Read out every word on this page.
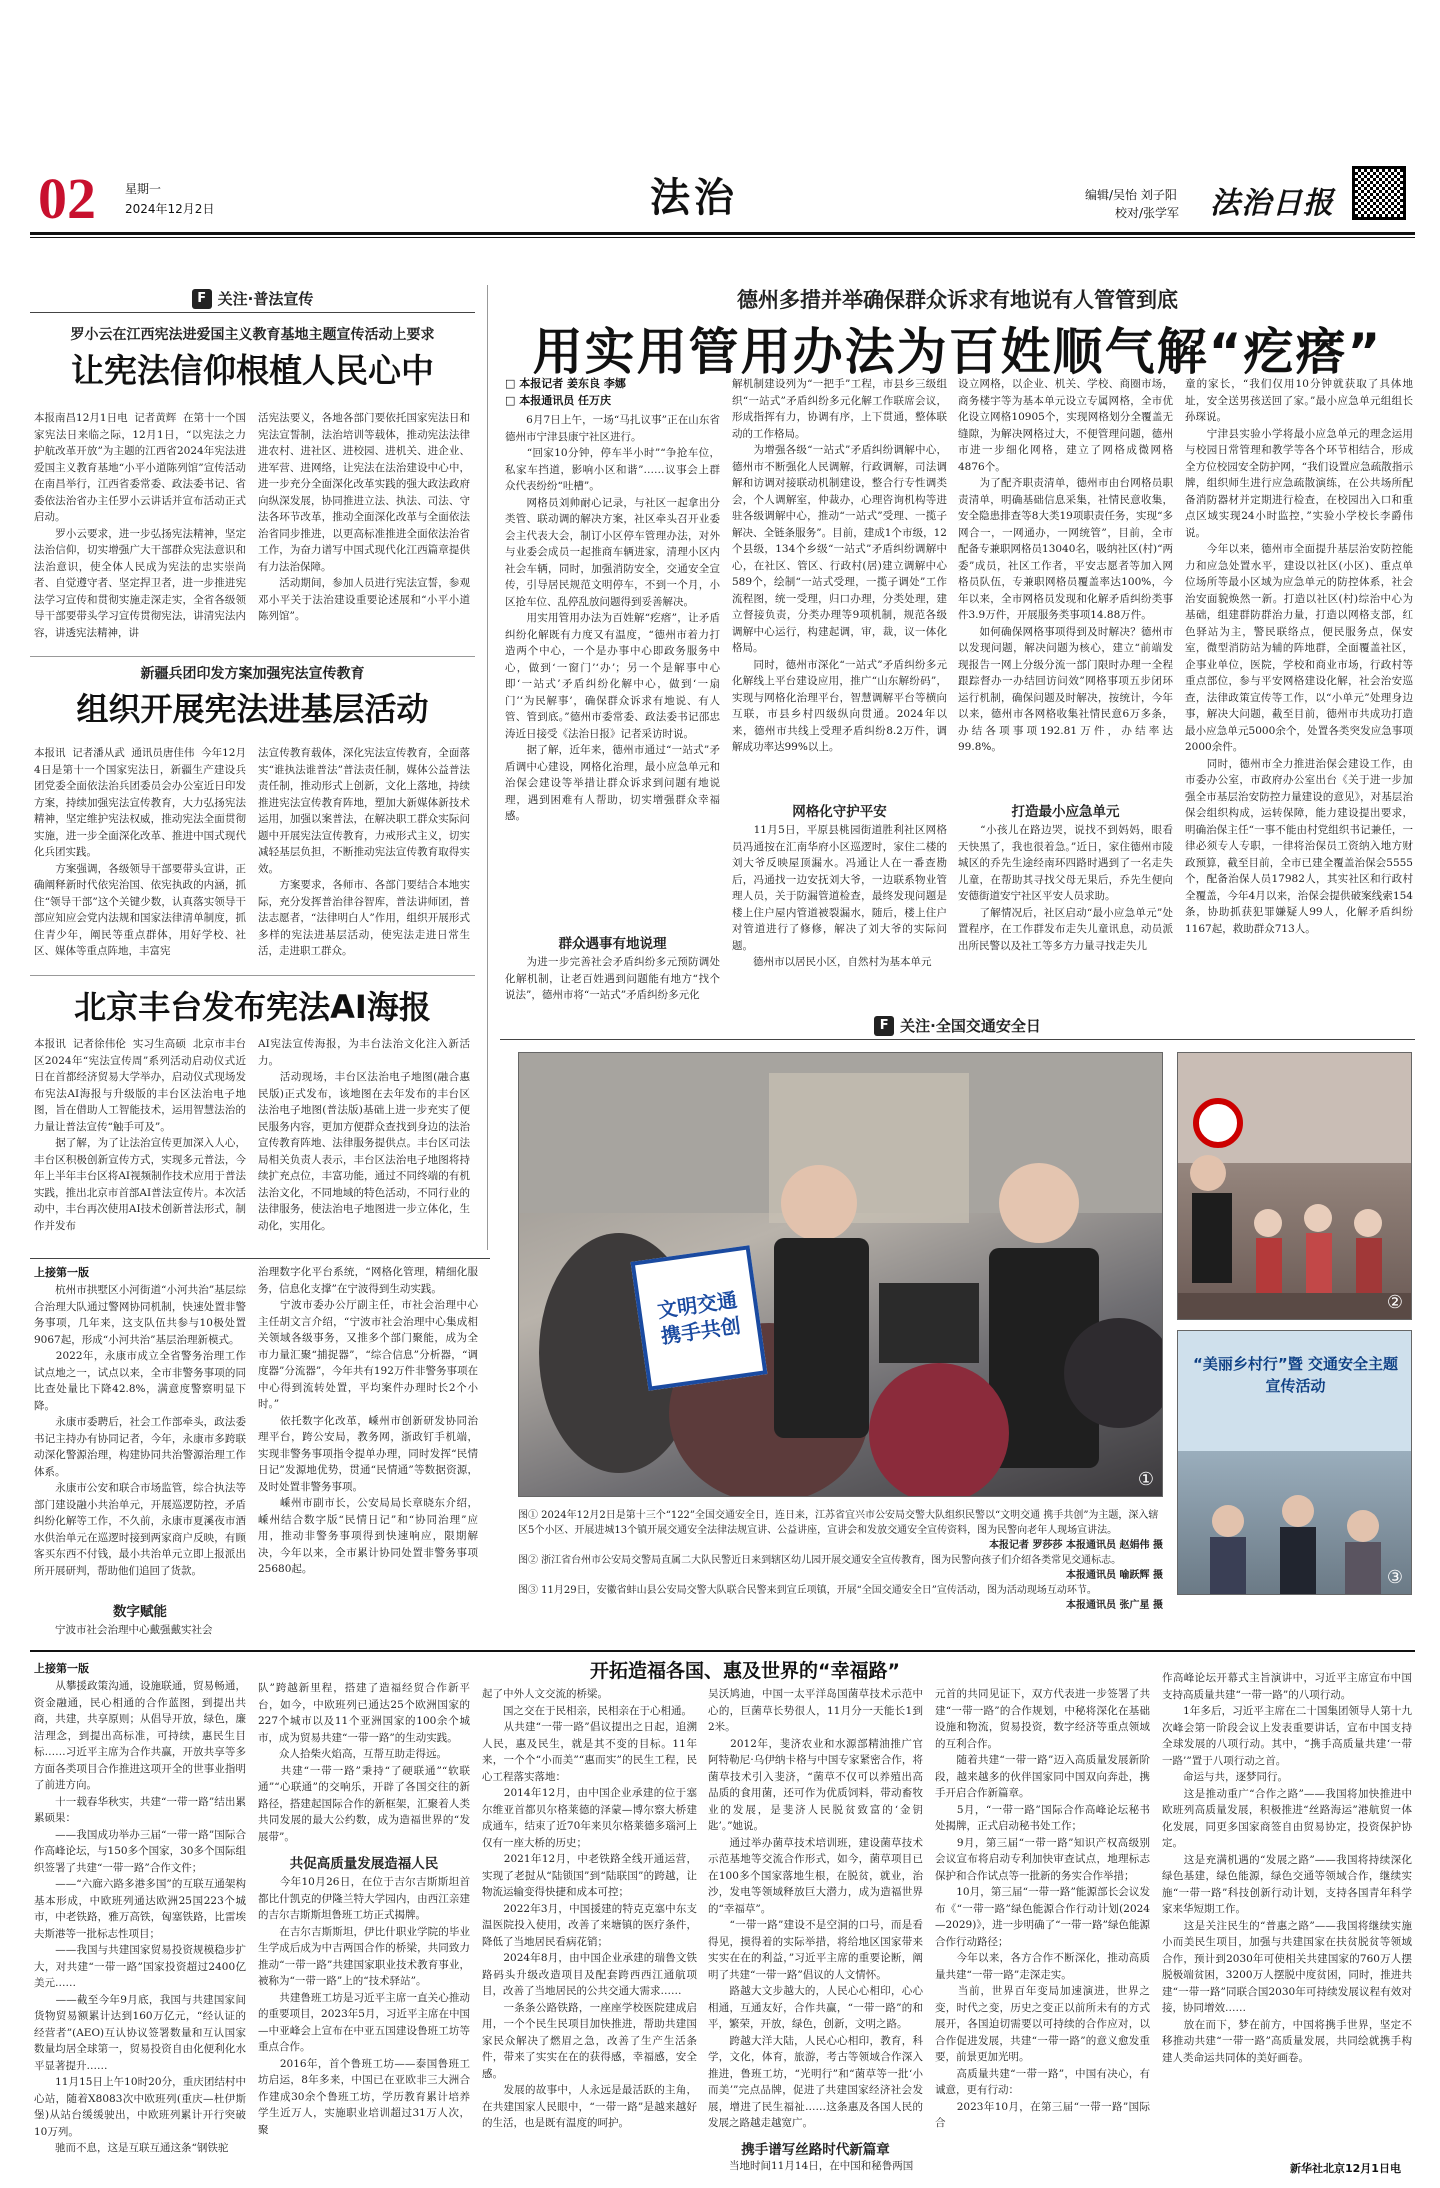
02 星期一
2024年12月2日	法治	编辑/吴怡 刘子阳
校对/张学军 法治日报
F 关注·普法宣传
罗小云在江西宪法进爱国主义教育基地主题宣传活动上要求
让宪法信仰根植人民心中
本报南昌12月1日电  记者黄辉  在第十一个国家宪法日来临之际，12月1日，“以宪法之力护航改革开放”为主题的江西省2024年宪法进爱国主义教育基地“小平小道陈列馆”宣传活动在南昌举行，江西省委常委、政法委书记、省委依法治省办主任罗小云讲话并宣布活动正式启动。
　　罗小云要求，进一步弘扬宪法精神，坚定法治信仰，切实增强广大干部群众宪法意识和法治意识，使全体人民成为宪法的忠实崇尚者、自觉遵守者、坚定捍卫者，进一步推进宪法学习宣传和贯彻实施走深走实，全省各级领导干部要带头学习宣传贯彻宪法，讲清宪法内容，讲透宪法精神，讲
活宪法要义，各地各部门要依托国家宪法日和宪法宣誓制，法治培训等载体，推动宪法法律进农村、进社区、进校园、进机关、进企业、进军营、进网络，让宪法在法治建设中心中，进一步充分全面深化改革实践的强大政法政府向纵深发展，协同推进立法、执法、司法、守法各环节改革，推动全面深化改革与全面依法治省同步推进，以更高标准推进全面依法治省工作，为奋力谱写中国式现代化江西篇章提供有力法治保障。
　　活动期间，参加人员进行宪法宣誓，参观邓小平关于法治建设重要论述展和“小平小道陈列馆”。
新疆兵团印发方案加强宪法宣传教育
组织开展宪法进基层活动
本报讯  记者潘从武  通讯员唐佳伟  今年12月4日是第十一个国家宪法日，新疆生产建设兵团党委全面依法治兵团委员会办公室近日印发方案，持续加强宪法宣传教育，大力弘扬宪法精神，坚定维护宪法权威，推动宪法全面贯彻实施，进一步全面深化改革、推进中国式现代化兵团实践。
　　方案强调，各级领导干部要带头宣讲，正确阐释新时代依宪治国、依宪执政的内涵，抓住“领导干部”这个关键少数，认真落实领导干部应知应会党内法规和国家法律清单制度，抓住青少年，阐民等重点群体，用好学校、社区、媒体等重点阵地，丰富宪
法宣传教育载体，深化宪法宣传教育，全面落实“谁执法谁普法”普法责任制，媒体公益普法责任制，推动形式上创新，文化上落地，持续推进宪法宣传教育阵地，塑加大新媒体新技术运用，加强以案普法，在解决职工群众实际问题中开展宪法宣传教育，力戒形式主义，切实减轻基层负担，不断推动宪法宣传教育取得实效。
　　方案要求，各师市、各部门要结合本地实际，充分发挥普治律谷智库，普法讲师团，普法志愿者，“法律明白人”作用，组织开展形式多样的宪法进基层活动，使宪法走进日常生活，走进职工群众。
北京丰台发布宪法AI海报
本报讯  记者徐伟伦  实习生高硕  北京市丰台区2024年“宪法宣传周”系列活动启动仪式近日在首都经济贸易大学举办，启动仪式现场发布宪法AI海报与升级版的丰台区法治电子地图，旨在借助人工智能技术，运用智慧法治的力量让普法宣传“触手可及”。
　　据了解，为了让法治宣传更加深入人心，丰台区积极创新宣传方式，实现多元普法，今年上半年丰台区将AI视频制作技术应用于普法实践，推出北京市首部AI普法宣传片。本次活动中，丰台再次使用AI技术创新普法形式，制作并发布
AI宪法宣传海报，为丰台法治文化注入新活力。
　　活动现场，丰台区法治电子地图(融合惠民版)正式发布，该地图在去年发布的丰台区法治电子地图(普法版)基础上进一步充实了便民服务内容，更加方便群众查找到身边的法治宣传教育阵地、法律服务提供点。丰台区司法局相关负责人表示，丰台区法治电子地图将持续扩充点位，丰富功能，通过不同终端的有机法治文化，不同地域的特色活动，不同行业的法律服务，使法治电子地图进一步立体化，生动化，实用化。
德州多措并举确保群众诉求有地说有人管管到底
用实用管用办法为百姓顺气解“疙瘩”
□ 本报记者 姜东良 李娜
□ 本报通讯员 任万庆
　　6月7日上午，一场“马扎议事”正在山东省德州市宁津县康宁社区进行。
　　“回家10分钟，停车半小时”“争抢车位，私家车挡道，影响小区和谐”……议事会上群众代表纷纷“吐槽”。
　　网格员刘帅耐心记录，与社区一起拿出分类管、联动调的解决方案，社区牵头召开业委会主代表大会，制订小区停车管理办法，对外与业委会成员一起推商车辆进家，清理小区内社会车辆，同时，加强消防安全，交通安全宣传，引导居民规范文明停车，不到一个月，小区抢车位、乱停乱放问题得到妥善解决。
　　用实用管用办法为百姓解“疙瘩”，让矛盾纠纷化解既有力度又有温度，“德州市着力打造两个中心，一个是办事中心即政务服务中心，做到‘一窗门’‘办’；另一个是解事中心即‘一站式’矛盾纠纷化解中心，做到‘一扇门’‘为民解事’，确保群众诉求有地说、有人管、管到底。”德州市委常委、政法委书记邵忠涛近日接受《法治日报》记者采访时说。
　　据了解，近年来，德州市通过“一站式”矛盾调中心建设，网格化治理，最小应急单元和治保会建设等举措让群众诉求到问题有地说理，遇到困难有人帮助，切实增强群众幸福感。
群众遇事有地说理
　　为进一步完善社会矛盾纠纷多元预防调处化解机制，让老百姓遇到问题能有地方“找个说法”，德州市将“一站式”矛盾纠纷多元化
解机制建设列为“一把手”工程，市县乡三级组织“一站式”矛盾纠纷多元化解工作联席会议，形成指挥有力，协调有序，上下贯通，整体联动的工作格局。
　　为增强各级“一站式”矛盾纠纷调解中心，德州市不断强化人民调解，行政调解，司法调解和访调对接联动机制建设，整合行专性调类会，个人调解室，仲裁办，心理咨询机构等进驻各级调解中心，推动“一站式”受理、一揽子解决、全链条服务”。目前，建成1个市级，12个县级，134个乡级“一站式”矛盾纠纷调解中心，在社区、管区、行政村(居)建立调解中心589个，绘制“一站式受理，一揽子调处”工作流程图，统一受理，归口办理，分类处理，建立督接负责，分类办理等9项机制，规范各级调解中心运行，构建起调，审，裁，议一体化格局。
　　同时，德州市深化“一站式”矛盾纠纷多元化解线上平台建设应用，推广“山东解纷码”，实现与网格化治理平台，智慧调解平台等横向互联，市县乡村四级纵向贯通。2024年以来，德州市共线上受理矛盾纠纷8.2万件，调解成功率达99%以上。
网格化守护平安
　　11月5日，平原县桃园街道胜利社区网格员冯通按在汇南华府小区巡逻时，家住二楼的刘大爷反映屋顶漏水。冯通让人在一番查勘后，冯通找一边安抚刘大爷，一边联系物业管理人员，关于防漏管道检查，最终发现问题是楼上住户屋内管道被裂漏水，随后，楼上住户对管道进行了修修，解决了刘大爷的实际问题。
　　德州市以居民小区，自然村为基本单元
设立网格，以企业、机关、学校、商圈市场，商务楼宇等为基本单元设立专属网格，全市优化设立网格10905个，实现网格划分全覆盖无缝隙，为解决网格过大，不便管理问题，德州市进一步细化网格，建立了网格成微网格4876个。
　　为了配齐职责清单，德州市由台网格员职责清单，明确基础信息采集，社情民意收集，安全隐患排查等8大类19项职责任务，实现“多网合一，一网通办，一网统管”，目前，全市配备专兼职网格员13040名，吸纳社区(村)“两委”成员，社区工作者，平安志愿者等加入网格员队伍，专兼职网格员覆盖率达100%，今年以来，全市网格员发现和化解矛盾纠纷类事件3.9万件，开展服务类事项14.88万件。
　　如何确保网格事项得到及时解决？德州市以发现问题，解决问题为核心，建立“前端发现报告一网上分级分流一部门限时办理一全程跟踪督办一办结回访问效”网格事项五步闭环运行机制，确保问题及时解决，按统计，今年以来，德州市各网格收集社情民意6万多条，办结各项事项192.81万件，办结率达99.8%。
打造最小应急单元
　　“小孩儿在路边哭，说找不到妈妈，眼看天快黑了，我也很着急。”近日，家住德州市陵城区的乔先生途经南环四路时遇到了一名走失儿童，在帮助其寻找父母无果后，乔先生便向安德街道安宁社区平安人员求助。
　　了解情况后，社区启动“最小应急单元”处置程序，在工作群发布走失儿童讯息，动员派出所民警以及社工等多方力量寻找走失儿
童的家长，“我们仅用10分钟就获取了具体地址，安全送男孩送回了家。”最小应急单元组组长孙琛说。
　　宁津县实验小学将最小应急单元的理念运用与校园日常管理和教学等各个环节相结合，形成全方位校园安全防护网，“我们设置应急疏散指示牌，组织师生进行应急疏散演练，在公共场所配备消防器材并定期进行检查，在校园出入口和重点区域实现24小时监控，”实验小学校长李爵伟说。
　　今年以来，德州市全面提升基层治安防控能力和应急处置水平，建设以社区(小区)、重点单位场所等最小区域为应急单元的防控体系，社会治安面貌焕然一新。打造以社区(村)综治中心为基础，组建群防群治力量，打造以网格支部，红色驿站为主，警民联络点，便民服务点，保安室，微型消防站为辅的阵地群，全面覆盖社区，企事业单位，医院，学校和商业市场，行政村等重点部位，参与平安网格建设化解，社会治安巡查，法律政策宣传等工作，以“小单元”处理身边事，解决大问题，截至目前，德州市共成功打造最小应急单元5000余个，处置各类突发应急事项2000余件。
　　同时，德州市全力推进治保会建设工作，由市委办公室，市政府办公室出台《关于进一步加强全市基层治安防控力量建设的意见》，对基层治保会组织构成，运转保障，能力建设提出要求，明确治保主任“一事不能由村党组织书记兼任，一律必须专人专职，一律将治保员工资纳入地方财政预算，截至目前，全市已建全覆盖治保会5555个，配备治保人员17982人，其实社区和行政村全覆盖，今年4月以来，治保会提供破案线索154条，协助抓获犯罪嫌疑人99人，化解矛盾纠纷1167起，救助群众713人。
F 关注·全国交通安全日
文明交通 携手共创
①
②
“美丽乡村行”暨 交通安全主题宣传活动
③
图① 2024年12月2日是第十三个“122”全国交通安全日，连日来，江苏省宜兴市公安局交警大队组织民警以“文明交通 携手共创”为主题，深入辖区5个小区、开展进城13个镇开展交通安全法律法规宣讲、公益讲座，宣讲会和发放交通安全宣传资料，图为民警向老年人现场宣讲法。
本报记者 罗莎莎 本报通讯员 赵娟伟 摄
图② 浙江省台州市公安局交警局直属二大队民警近日来到辖区幼儿园开展交通安全宣传教育，图为民警向孩子们介绍各类常见交通标志。
本报通讯员 喻跃辉 摄
图③ 11月29日，安徽省蚌山县公安局交警大队联合民警来到宣丘项镇，开展“全国交通安全日”宣传活动，图为活动现场互动环节。
本报通讯员 张广星 摄
上接第一版
　　杭州市拱墅区小河街道“小河共治”基层综合治理大队通过警网协同机制，快速处置非警务事项，几年来，这支队伍共参与10极处置9067起，形成“小河共治”基层治理新模式。
　　2022年，永康市成立全省警务治理工作试点地之一，试点以来，全市非警务事项的同比查处量比下降42.8%，满意度警察明显下降。
　　永康市委聘后，社会工作部牵头，政法委书记主持办有协同记者，今年，永康市多跨联动深化警源治理，构建协同共治警源治理工作体系。
　　永康市公安和联合市场监管，综合执法等部门建设融小共治单元，开展巡逻防控，矛盾纠纷化解等工作，不久前，永康市夏溪夜市酒水供治单元在巡逻时接到两家商户反映，有顾客买东西不付钱，最小共治单元立即上报派出所开展研判，帮助他们追回了货款。
数字赋能
　　宁波市社会治理中心戴强戴实社会
治理数字化平台系统，“网格化管理，精细化服务，信息化支撑”在宁波得到生动实践。
　　宁波市委办公厅副主任，市社会治理中心主任胡文言介绍，“宁波市社会治理中心集成相关领域各级事务，又推多个部门聚能，成为全市力量汇聚“捕捉器”，“综合信息”分析器，“调度器”分流器”，今年共有192万件非警务事项在中心得到流转处置，平均案件办理时长2个小时。”
　　依托数字化改革，嵊州市创新研发协同治理平台，跨公安局，教务网，浙政钉手机端，实现非警务事项指令提单办理，同时发挥“民情日记”发源地优势，贯通“民情通”等数据资源，及时处置非警务事项。
　　嵊州市副市长，公安局局长章晓东介绍，嵊州结合数字版“民情日记”和“协同治理”应用，推动非警务事项得到快速响应，限期解决，今年以来，全市累计协同处置非警务事项25680起。
上接第一版	开拓造福各国、惠及世界的“幸福路”
　　从攀援政策沟通，设施联通，贸易畅通，资金融通，民心相通的合作蓝图，到提出共商，共建，共享原则；从倡导开放，绿色，廉洁理念，到提出高标准，可持续，惠民生目标……习近平主席为合作共赢，开放共享等多方面各类项目合作推进这项开全的世事业指明了前进方向。
　　十一载春华秋实，共建“一带一路”结出累累硕果：
　　——我国成功举办三届“一带一路”国际合作高峰论坛，与150多个国家，30多个国际组织签署了共建“一带一路”合作文件；
　　——“六廊六路多港多国”的互联互通架构基本形成，中欧班列通达欧洲25国223个城市，中老铁路，雅万高铁，匈塞铁路，比雷埃夫斯港等一批标志性项目；
　　——我国与共建国家贸易投资规模稳步扩大，对共建“一带一路”国家投资超过2400亿美元……
　　——截至今年9月底，我国与共建国家间货物贸易额累计达到160万亿元，“经认证的经营者”(AEO)互认协议签署数量和互认国家数量均居全球第一，贸易投资自由化便利化水平显著提升……
　　11月15日上午10时20分，重庆团结村中心站，随着X8083次中欧班列(重庆—杜伊斯堡)从站台缓缓驶出，中欧班列累计开行突破10万列。
　　驰而不息，这是互联互通这条“钢铁驼
队”跨越新里程，搭建了造福经贸合作新平台，如今，中欧班列已通达25个欧洲国家的227个城市以及11个亚洲国家的100余个城市，成为贸易共建“一带一路”的生动实践。
　　众人拾柴火焰高，互帮互助走得远。
　　共建“一带一路”秉持“了硬联通”“软联通”“心联通”的交响乐，开辟了各国交往的新路径，搭建起国际合作的新框架，汇聚着人类共同发展的最大公约数，成为造福世界的“发展带”。
共促高质量发展造福人民
　　今年10月26日，在位于吉尔吉斯斯坦首都比什凯克的伊隆兰特大学园内，由西江亲建的吉尔吉斯斯坦鲁班工坊正式揭牌。
　　在吉尔吉斯斯坦，伊比什职业学院的毕业生学成后成为中吉两国合作的桥梁，共同致力推动“一带一路”共建国家职业技术教育事业，被称为“一带一路”上的“技术驿站”。
　　共建鲁班工坊是习近平主席一直关心推动的重要项目，2023年5月，习近平主席在中国—中亚峰会上宣布在中亚五国建设鲁班工坊等重点合作。
　　2016年，首个鲁班工坊——泰国鲁班工坊启运，8年多来，中国已在亚欧非三大洲合作建成30余个鲁班工坊，学历教育累计培养学生近万人，实施职业培训超过31万人次，聚
起了中外人文交流的桥梁。
　　国之交在于民相亲，民相亲在于心相通。
　　从共建“一带一路”倡议提出之日起，追溯人民，惠及民生，就是其不变的目标。11年来，一个个“小而美”“惠而实”的民生工程，民心工程落实落地：
　　2014年12月，由中国企业承建的位于塞尔维亚首都贝尔格莱德的泽蒙—博尔察大桥建成通车，结束了近70年来贝尔格莱德多瑙河上仅有一座大桥的历史；
　　2021年12月，中老铁路全线开通运营，实现了老挝从“陆锁国”到“陆联国”的跨越，让物流运输变得快捷和成本可控；
　　2022年3月，中国援建的特克克塞中东支温医院投入使用，改善了来塘镇的医疗条件，降低了当地居民看病花销；
　　2024年8月，由中国企业承建的瑞鲁文铁路码头升级改造项目及配套跨西西江通航项目，改善了当地居民的公共交通大需求……
　　一条条公路铁路，一座座学校医院建成启用，一个个民生民项目加快推进，帮助共建国家民众解决了燃眉之急，改善了生产生活条件，带来了实实在在的获得感，幸福感，安全感。
　　发展的故事中，人永远是最活跃的主角，在共建国家人民眼中，“一带一路”是越来越好的生活，也是既有温度的呵护。
吴沃鸠迪，中国一太平洋岛国菌草技术示范中心的，巨菌草长势很人，11月分一天能长1到2米。
　　2012年，斐济农业和水源部精油推广官阿特勒尼·乌伊纳卡格与中国专家紧密合作，将菌草技术引入斐济，“菌草不仅可以养殖出高品质的食用菌，还可作为优质饲料，带动畜牧业的发展，是斐济人民脱贫致富的‘金钥匙’。”她说。
　　通过举办菌草技术培训班，建设菌草技术示范基地等交流合作形式，如今，菌草项目已在100多个国家落地生根，在脱贫，就业，治沙，发电等领域释放巨大潜力，成为造福世界的“幸福草”。
　　“一带一路”建设不是空洞的口号，而是看得见，摸得着的实际举措，将给地区国家带来实实在在的利益，”习近平主席的重要论断，阐明了共建“一带一路”倡议的人文情怀。
　　路越大文步越大的，人民心心相印，心心相通，互通友好，合作共赢，“一带一路”的和平，繁荣，开放，绿色，创新，文明之路。
　　跨越大洋大陆，人民心心相印，教育，科学，文化，体育，旅游，考古等领域合作深入推进，鲁班工坊，“光明行”和“菌草等一批‘小而美’”完点品牌，促进了共建国家经济社会发展，增进了民生福祉……这条惠及各国人民的发展之路越走越宽广。
携手谱写丝路时代新篇章
　　当地时间11月14日，在中国和秘鲁两国
元首的共同见证下，双方代表进一步签署了共建“一带一路”的合作规划，中秘将深化在基础设施和物流，贸易投资，数字经济等重点领域的互利合作。
　　随着共建“一带一路”迈入高质量发展新阶段，越来越多的伙伴国家同中国双向奔赴，携手开启合作新篇章。
　　5月，“一带一路”国际合作高峰论坛秘书处揭牌，正式启动秘书处工作；
　　9月，第三届“一带一路”知识产权高级别会议宣布将启动专利加快审查试点，地理标志保护和合作试点等一批新的务实合作举措；
　　10月，第三届“一带一路”能源部长会议发布《“一带一路”绿色能源合作行动计划(2024—2029)》，进一步明确了“一带一路”绿色能源合作行动路径；
　　今年以来，各方合作不断深化，推动高质量共建“一带一路”走深走实。
　　当前，世界百年变局加速演进，世界之变，时代之变，历史之变正以前所未有的方式展开，各国迫切需要以可持续的合作应对，以合作促进发展，共建“一带一路”的意义愈发重要，前景更加光明。
　　高质量共建“一带一路”，中国有决心，有诚意，更有行动：
　　2023年10月，在第三届“一带一路”国际合
作高峰论坛开幕式主旨演讲中，习近平主席宣布中国支持高质量共建“一带一路”的八项行动。
　　1年多后，习近平主席在二十国集团领导人第十九次峰会第一阶段会议上发表重要讲话，宣布中国支持全球发展的八项行动。其中，“携手高质量共建‘一带一路’”置于八项行动之首。
　　命运与共，逐梦同行。
　　这是推动重广“合作之路”——我国将加快推进中欧班列高质量发展，积极推进“丝路海运”港航贸一体化发展，同更多国家商签自由贸易协定，投资保护协定。
　　这是充满机遇的“发展之路”——我国将持续深化绿色基建，绿色能源，绿色交通等领域合作，继续实施“一带一路”科技创新行动计划，支持各国青年科学家来华短期工作。
　　这是关注民生的“普惠之路”——我国将继续实施小而美民生项目，加强与共建国家在扶贫脱贫等领域合作，预计到2030年可使相关共建国家的760万人摆脱极端贫困，3200万人摆脱中度贫困，同时，推进共建“一带一路”同联合国2030年可持续发展议程有效对接，协同增效……
　　放在而下，梦在前方，中国将携手世界，坚定不移推动共建“一带一路”高质量发展，共同绘就携手构建人类命运共同体的美好画卷。
新华社北京12月1日电
